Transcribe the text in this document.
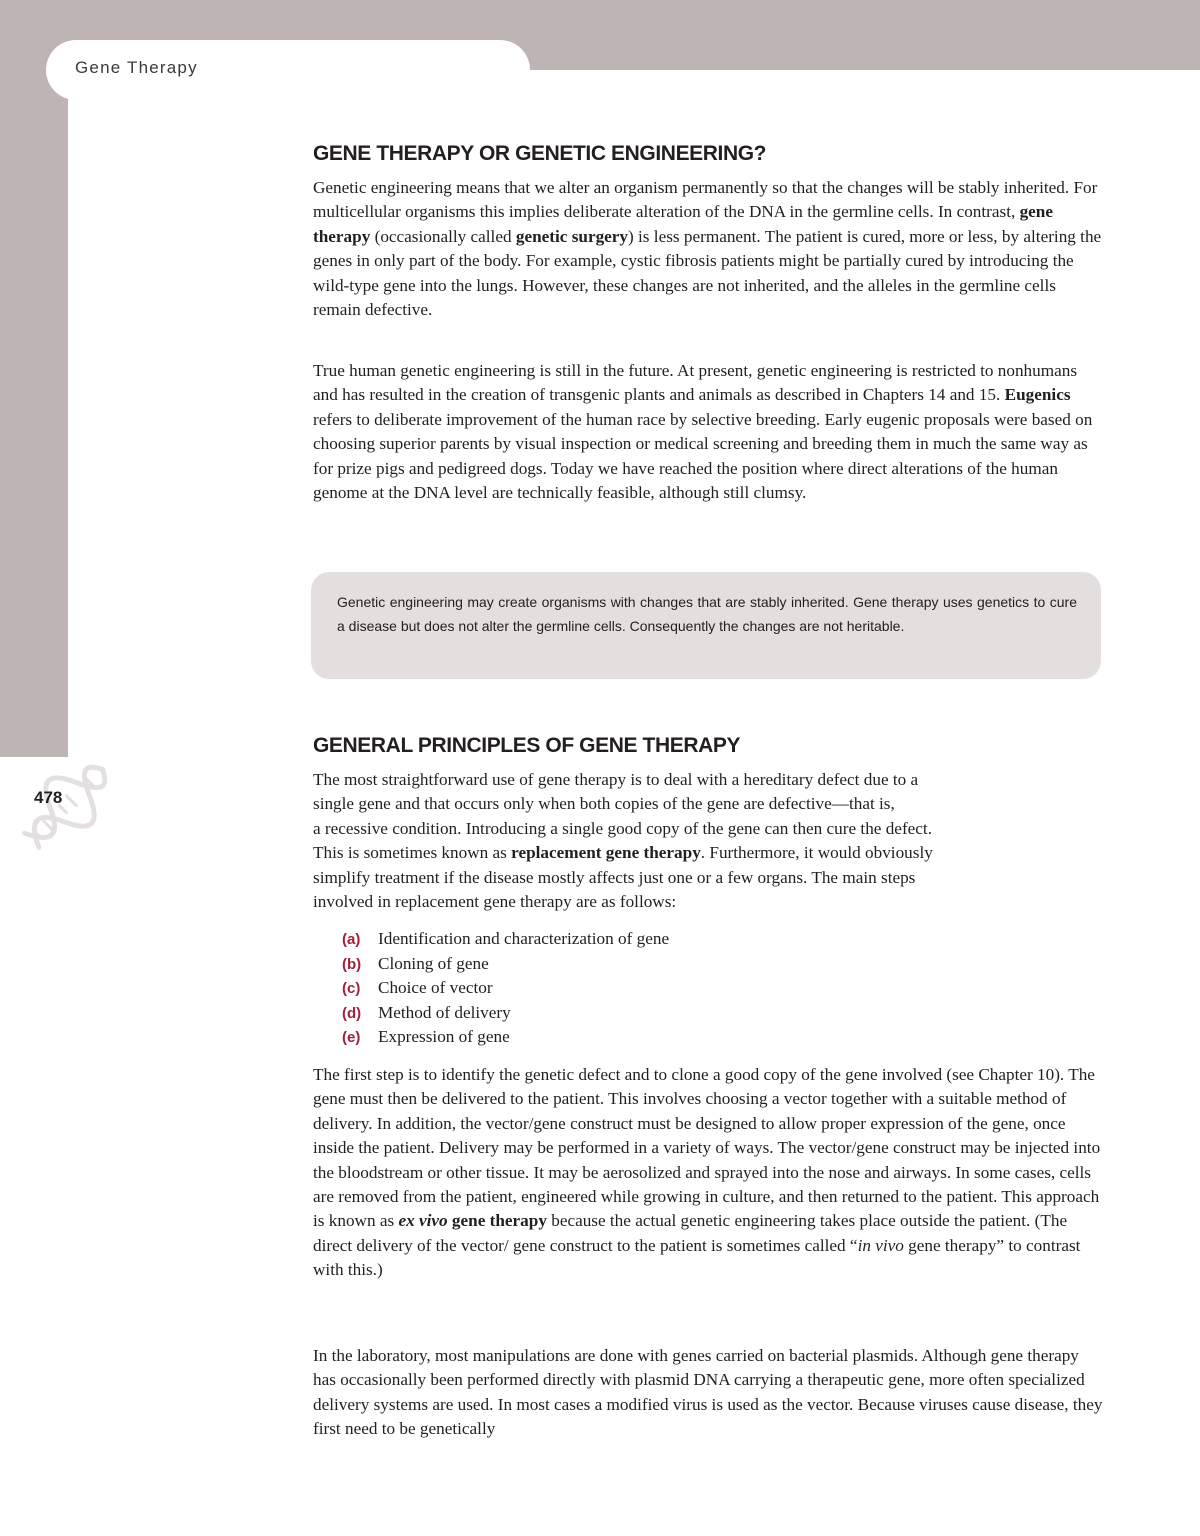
Gene Therapy
478
GENE THERAPY OR GENETIC ENGINEERING?

Genetic engineering means that we alter an organism permanently so that the changes will be stably inherited. For multicellular organisms this implies deliberate alteration of the DNA in the germline cells. In contrast, gene therapy (occasionally called genetic surgery) is less permanent. The patient is cured, more or less, by altering the genes in only part of the body. For example, cystic fibrosis patients might be partially cured by introducing the wild-type gene into the lungs. However, these changes are not inherited, and the alleles in the germline cells remain defective.

True human genetic engineering is still in the future. At present, genetic engineering is restricted to nonhumans and has resulted in the creation of transgenic plants and animals as described in Chapters 14 and 15. Eugenics refers to deliberate improvement of the human race by selective breeding. Early eugenic proposals were based on choosing superior parents by visual inspection or medical screening and breeding them in much the same way as for prize pigs and pedigreed dogs. Today we have reached the position where direct alterations of the human genome at the DNA level are technically feasible, although still clumsy.

Genetic engineering may create organisms with changes that are stably inherited. Gene therapy uses genetics to cure a disease but does not alter the germline cells. Consequently the changes are not heritable.

GENERAL PRINCIPLES OF GENE THERAPY

The most straightforward use of gene therapy is to deal with a hereditary defect due to a

single gene and that occurs only when both copies of the gene are defective—that is,

a recessive condition. Introducing a single good copy of the gene can then cure the defect.

This is sometimes known as replacement gene therapy. Furthermore, it would obviously

simplify treatment if the disease mostly affects just one or a few organs. The main steps

involved in replacement gene therapy are as follows:

(a) Identification and characterization of gene
(b) Cloning of gene
(c) Choice of vector
(d) Method of delivery
(e) Expression of gene

The first step is to identify the genetic defect and to clone a good copy of the gene involved (see Chapter 10). The gene must then be delivered to the patient. This involves choosing a vector together with a suitable method of delivery. In addition, the vector/gene construct must be designed to allow proper expression of the gene, once inside the patient. Delivery may be performed in a variety of ways. The vector/gene construct may be injected into the bloodstream or other tissue. It may be aerosolized and sprayed into the nose and airways. In some cases, cells are removed from the patient, engineered while growing in culture, and then returned to the patient. This approach is known as ex vivo gene therapy because the actual genetic engineering takes place outside the patient. (The direct delivery of the vector/ gene construct to the patient is sometimes called “in vivo gene therapy” to contrast with this.)

In the laboratory, most manipulations are done with genes carried on bacterial plasmids. Although gene therapy has occasionally been performed directly with plasmid DNA carrying a therapeutic gene, more often specialized delivery systems are used. In most cases a modified virus is used as the vector. Because viruses cause disease, they first need to be genetically
